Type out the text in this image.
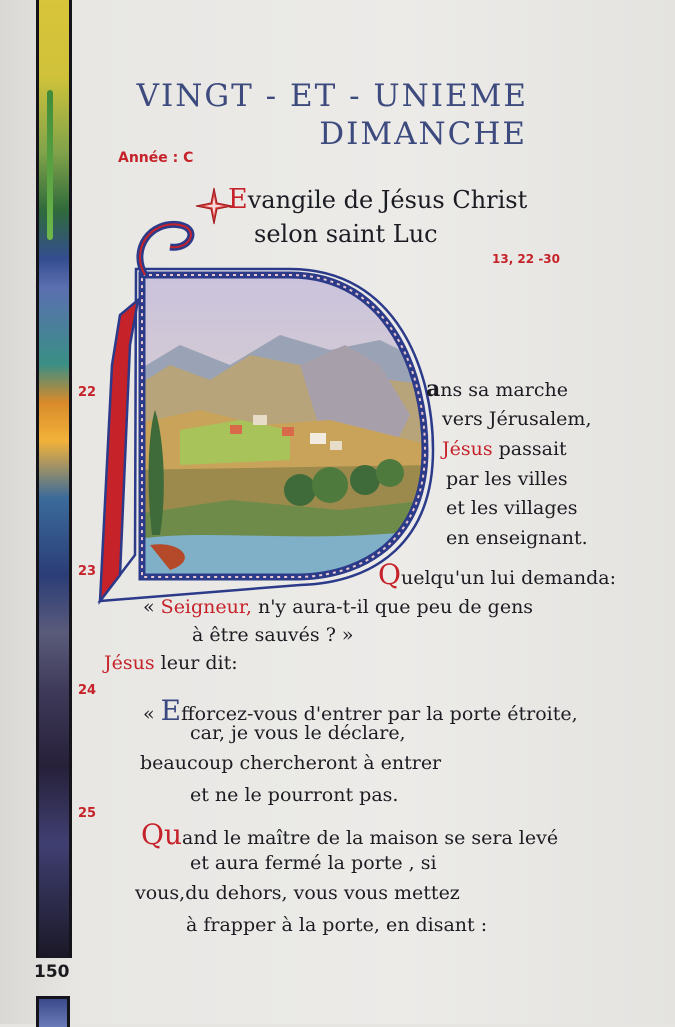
VINGT - ET - UNIEME
DIMANCHE
Année : C
Evangile de Jésus Christ
selon saint Luc
13, 22 -30
22
23
24
25
ans sa marche
vers Jérusalem,
Jésus passait
par les villes
et les villages
en enseignant.
Quelqu'un lui demanda:
« Seigneur, n'y aura-t-il que peu de gens
à être sauvés ? »
Jésus leur dit:
« Efforcez-vous d'entrer par la porte étroite,
car, je vous le déclare,
beaucoup chercheront à entrer
et ne le pourront pas.
Quand le maître de la maison se sera levé
et aura fermé la porte , si
vous,du dehors, vous vous mettez
à frapper à la porte, en disant :
150
